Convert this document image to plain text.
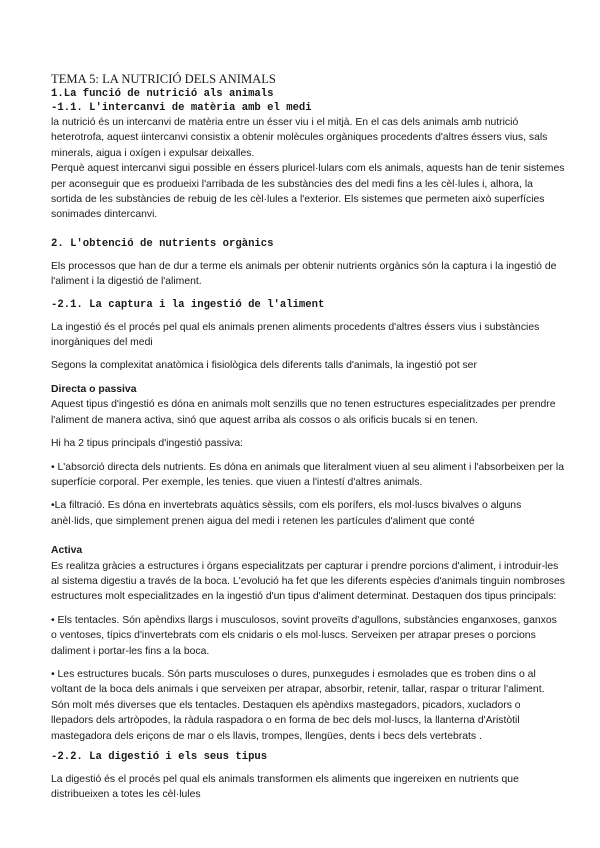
TEMA 5: LA NUTRICIÓ DELS ANIMALS

1.La funció de nutrició als animals

-1.1. L'intercanvi de matèria amb el medi

la nutrició és un intercanvi de matèria entre un ésser viu i el mitjà. En el cas dels animals amb nutrició heterotrofa, aquest iintercanvi consistix a obtenir molècules orgàniques procedents d'altres éssers vius, sals minerals, aigua i oxígen i expulsar deixalles.

Perquè aquest intercanvi sigui possible en éssers pluricel·lulars com els animals, aquests han de tenir sistemes per aconseguir que es produeixi l'arribada de les substàncies des del medi fins a les cèl·lules i, alhora, la sortida de les substàncies de rebuig de les cèl·lules a l'exterior. Els sistemes que permeten això superfícies sonimades dintercanvi.

2. L'obtenció de nutrients orgànics

Els processos que han de dur a terme els animals per obtenir nutrients orgànics són la captura i la ingestió de l'aliment i la digestió de l'aliment.

-2.1. La captura i la ingestió de l'aliment

La ingestió és el procés pel qual els animals prenen aliments procedents d'altres éssers vius i substàncies inorgàniques del medi

Segons la complexitat anatòmica i fisiològica dels diferents talls d'animals, la ingestió pot ser

Directa o passiva

Aquest tipus d'ingestió es dóna en animals molt senzills que no tenen estructures especialitzades per prendre l'aliment de manera activa, sinó que aquest arriba als cossos o als orificis bucals si en tenen.

Hi ha 2 tipus principals d'ingestió passiva:

• L'absorció directa dels nutrients. Es dóna en animals que literalment viuen al seu aliment i l'absorbeixen per la superfície corporal. Per exemple, les tenies. que viuen a l'intestí d'altres animals.

•La filtració. Es dóna en invertebrats aquàtics sèssils, com els porífers, els mol·luscs bivalves o alguns anèl·lids, que simplement prenen aigua del medi i retenen les partícules d'aliment que conté

Activa

Es realitza gràcies a estructures i òrgans especialitzats per capturar i prendre porcions d'aliment, i introduir-les al sistema digestiu a través de la boca. L'evolució ha fet que les diferents espècies d'animals tinguin nombroses estructures molt especialitzades en la ingestió d'un tipus d'aliment determinat. Destaquen dos tipus principals:

• Els tentacles. Són apèndixs llargs i musculosos, sovint proveïts d'agullons, substàncies enganxoses, ganxos o ventoses, típics d'invertebrats com els cnidaris o els mol·luscs. Serveixen per atrapar preses o porcions daliment i portar-les fins a la boca.

• Les estructures bucals. Són parts musculoses o dures, punxegudes i esmolades que es troben dins o al voltant de la boca dels animals i que serveixen per atrapar, absorbir, retenir, tallar, raspar o triturar l'aliment. Són molt més diverses que els tentacles. Destaquen els apèndixs mastegadors, picadors, xucladors o llepadors dels artròpodes, la ràdula raspadora o en forma de bec dels mol·luscs, la llanterna d'Aristòtil mastegadora dels eriçons de mar o els llavis, trompes, llengües, dents i becs dels vertebrats .

-2.2. La digestió i els seus tipus

La digestió és el procés pel qual els animals transformen els aliments que ingereixen en nutrients que distribueixen a totes les cèl·lules
